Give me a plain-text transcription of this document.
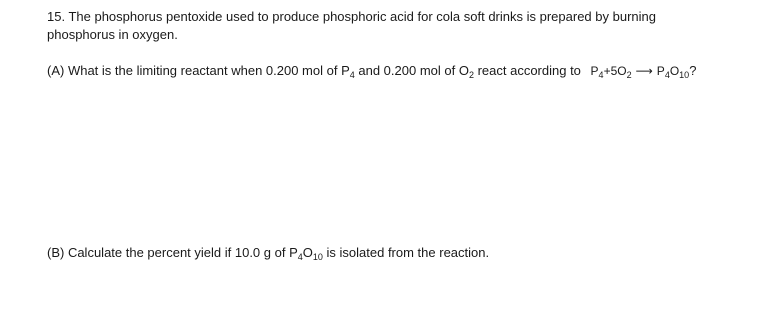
15. The phosphorus pentoxide used to produce phosphoric acid for cola soft drinks is prepared by burning
phosphorus in oxygen.
(A) What is the limiting reactant when 0.200 mol of $P_4$ and 0.200 mol of $O_2$ react according to $P_4+5O_2$ ⟶ $P_4O_{10}$?
(B) Calculate the percent yield if 10.0 g of $P_4O_{10}$ is isolated from the reaction.
